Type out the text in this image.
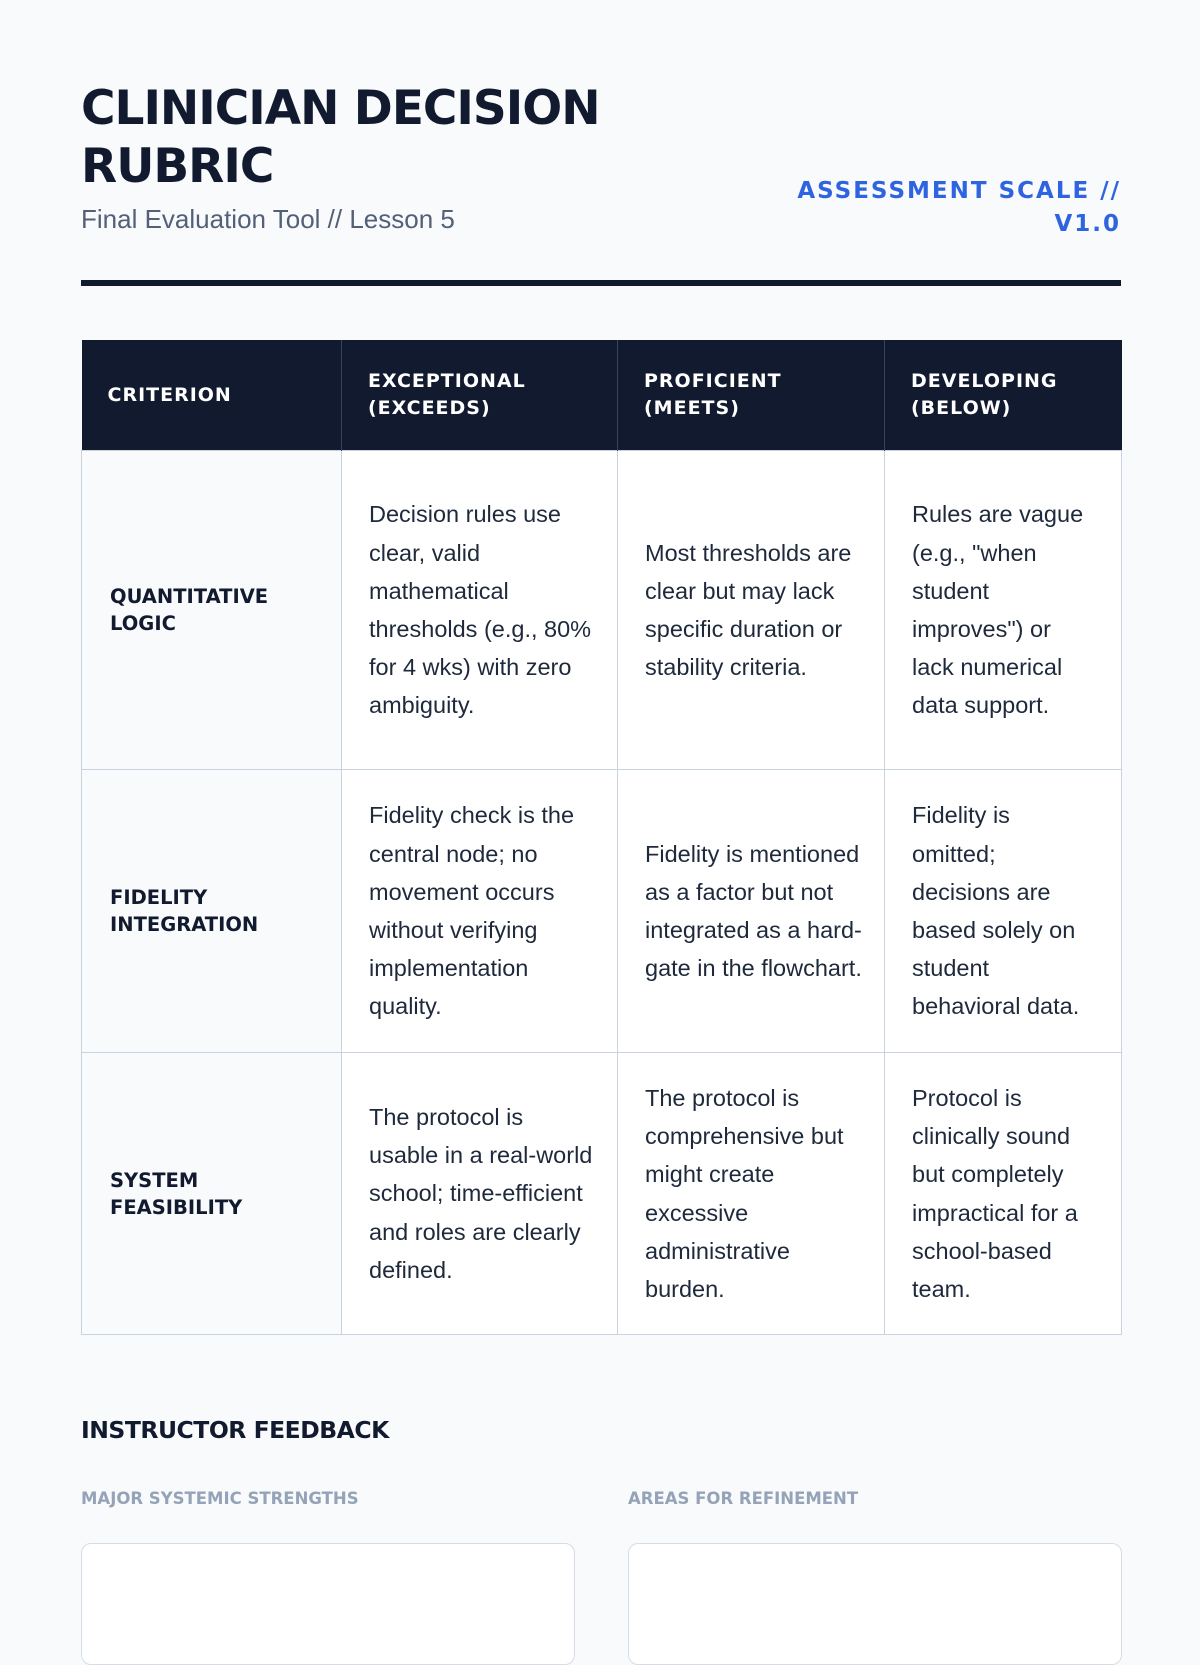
CLINICIAN DECISION RUBRIC
Final Evaluation Tool // Lesson 5
ASSESSMENT SCALE // V1.0
CRITERION	EXCEPTIONAL (EXCEEDS)	PROFICIENT (MEETS)	DEVELOPING (BELOW)
QUANTITATIVE LOGIC	Decision rules use clear, valid mathematical thresholds (e.g., 80% for 4 wks) with zero ambiguity.	Most thresholds are clear but may lack specific duration or stability criteria.	Rules are vague (e.g., "when student improves") or lack numerical data support.
FIDELITY INTEGRATION	Fidelity check is the central node; no movement occurs without verifying implementation quality.	Fidelity is mentioned as a factor but not integrated as a hard-gate in the flowchart.	Fidelity is omitted; decisions are based solely on student behavioral data.
SYSTEM FEASIBILITY	The protocol is usable in a real-world school; time-efficient and roles are clearly defined.	The protocol is comprehensive but might create excessive administrative burden.	Protocol is clinically sound but completely impractical for a school-based team.
INSTRUCTOR FEEDBACK
MAJOR SYSTEMIC STRENGTHS	AREAS FOR REFINEMENT
